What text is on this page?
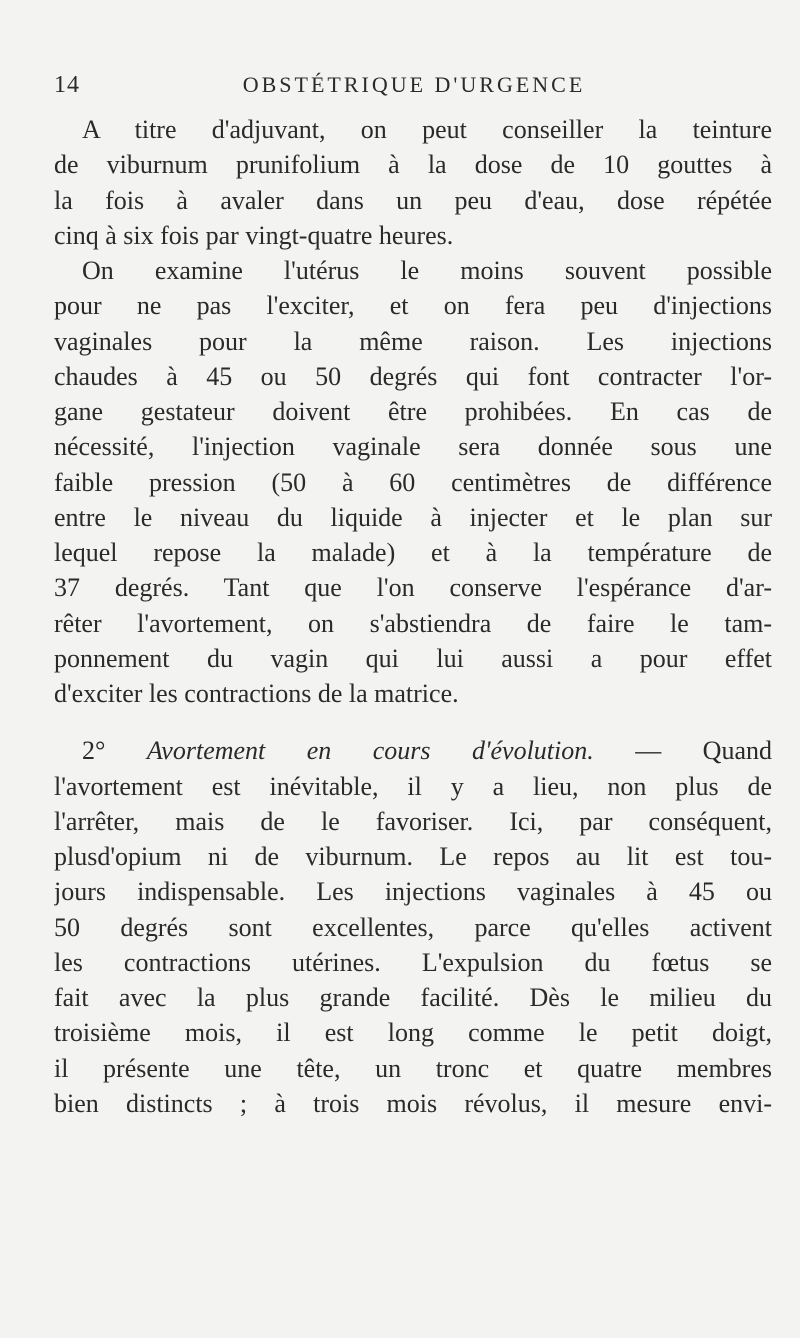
14	OBSTÉTRIQUE D'URGENCE
A titre d'adjuvant, on peut conseiller la teinture
de viburnum prunifolium à la dose de 10 gouttes à
la fois à avaler dans un peu d'eau, dose répétée
cinq à six fois par vingt-quatre heures.
On examine l'utérus le moins souvent possible
pour ne pas l'exciter, et on fera peu d'injections
vaginales pour la même raison. Les injections
chaudes à 45 ou 50 degrés qui font contracter l'or-
gane gestateur doivent être prohibées. En cas de
nécessité, l'injection vaginale sera donnée sous une
faible pression (50 à 60 centimètres de différence
entre le niveau du liquide à injecter et le plan sur
lequel repose la malade) et à la température de
37 degrés. Tant que l'on conserve l'espérance d'ar-
rêter l'avortement, on s'abstiendra de faire le tam-
ponnement du vagin qui lui aussi a pour effet
d'exciter les contractions de la matrice.
2° Avortement en cours d'évolution. — Quand
l'avortement est inévitable, il y a lieu, non plus de
l'arrêter, mais de le favoriser. Ici, par conséquent,
plusd'opium ni de viburnum. Le repos au lit est tou-
jours indispensable. Les injections vaginales à 45 ou
50 degrés sont excellentes, parce qu'elles activent
les contractions utérines. L'expulsion du fœtus se
fait avec la plus grande facilité. Dès le milieu du
troisième mois, il est long comme le petit doigt,
il présente une tête, un tronc et quatre membres
bien distincts ; à trois mois révolus, il mesure envi-
